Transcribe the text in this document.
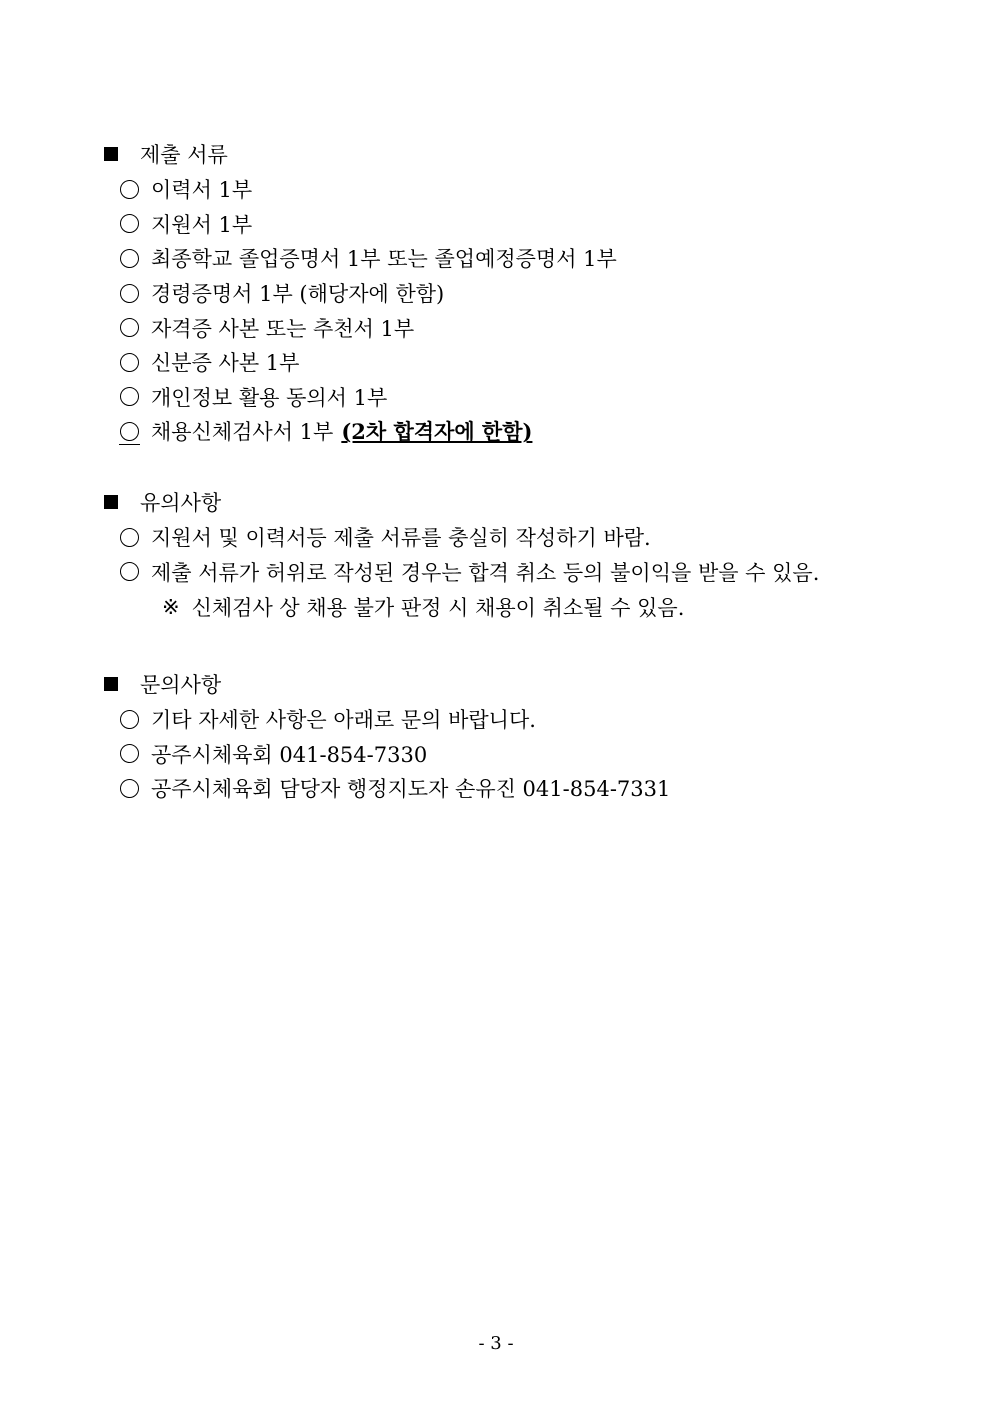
제출 서류
이력서 1부
지원서 1부
최종학교 졸업증명서 1부 또는 졸업예정증명서 1부
경령증명서 1부 (해당자에 한함)
자격증 사본 또는 추천서 1부
신분증 사본 1부
개인정보 활용 동의서 1부
채용신체검사서 1부 (2차 합격자에 한함)
유의사항
지원서 및 이력서등 제출 서류를 충실히 작성하기 바람.
제출 서류가 허위로 작성된 경우는 합격 취소 등의 불이익을 받을 수 있음.
※ 신체검사 상 채용 불가 판정 시 채용이 취소될 수 있음.
문의사항
기타 자세한 사항은 아래로 문의 바랍니다.
공주시체육회 041-854-7330
공주시체육회 담당자 행정지도자 손유진 041-854-7331
- 3 -
